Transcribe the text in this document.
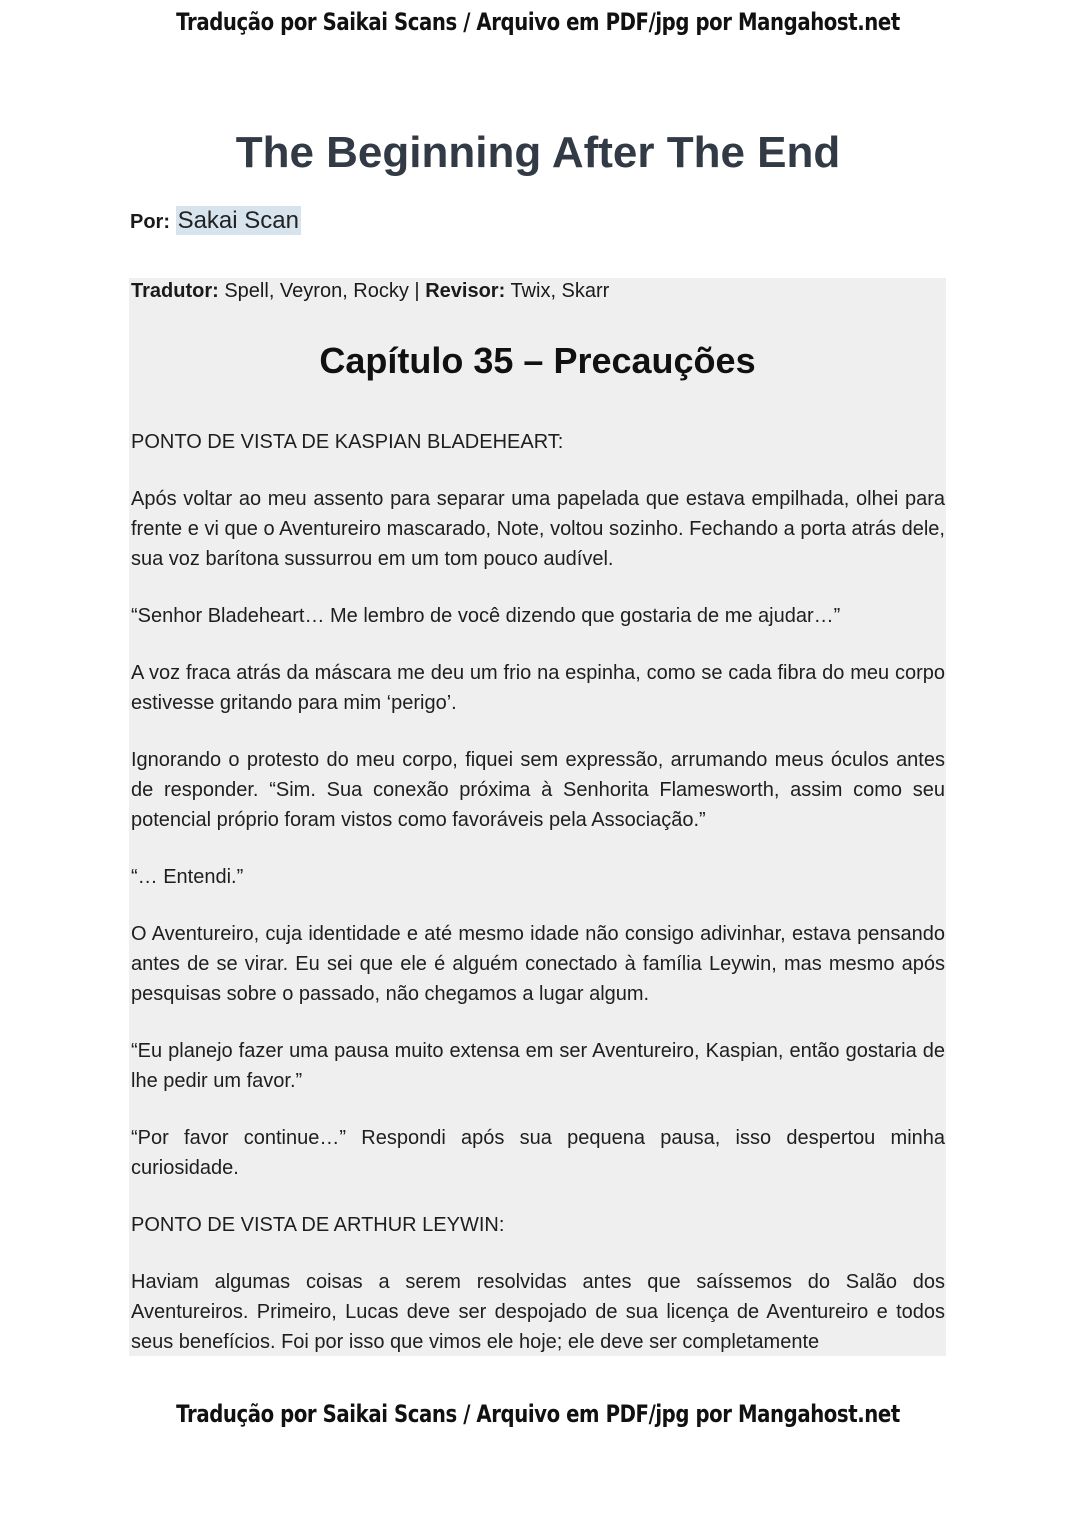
Tradução por Saikai Scans / Arquivo em PDF/jpg por Mangahost.net
The Beginning After The End
Por: Sakai Scan
Tradutor: Spell, Veyron, Rocky | Revisor: Twix, Skarr
Capítulo 35 – Precauções

PONTO DE VISTA DE KASPIAN BLADEHEART:

Após voltar ao meu assento para separar uma papelada que estava empilhada, olhei para frente e vi que o Aventureiro mascarado, Note, voltou sozinho. Fechando a porta atrás dele, sua voz barítona sussurrou em um tom pouco audível.

“Senhor Bladeheart… Me lembro de você dizendo que gostaria de me ajudar…”

A voz fraca atrás da máscara me deu um frio na espinha, como se cada fibra do meu corpo estivesse gritando para mim ‘perigo’.

Ignorando o protesto do meu corpo, fiquei sem expressão, arrumando meus óculos antes de responder. “Sim. Sua conexão próxima à Senhorita Flamesworth, assim como seu potencial próprio foram vistos como favoráveis pela Associação.”

“… Entendi.”

O Aventureiro, cuja identidade e até mesmo idade não consigo adivinhar, estava pensando antes de se virar. Eu sei que ele é alguém conectado à família Leywin, mas mesmo após pesquisas sobre o passado, não chegamos a lugar algum.

“Eu planejo fazer uma pausa muito extensa em ser Aventureiro, Kaspian, então gostaria de lhe pedir um favor.”

“Por favor continue…” Respondi após sua pequena pausa, isso despertou minha curiosidade.

PONTO DE VISTA DE ARTHUR LEYWIN:

Haviam algumas coisas a serem resolvidas antes que saíssemos do Salão dos Aventureiros. Primeiro, Lucas deve ser despojado de sua licença de Aventureiro e todos seus benefícios. Foi por isso que vimos ele hoje; ele deve ser completamente

Tradução por Saikai Scans / Arquivo em PDF/jpg por Mangahost.net
